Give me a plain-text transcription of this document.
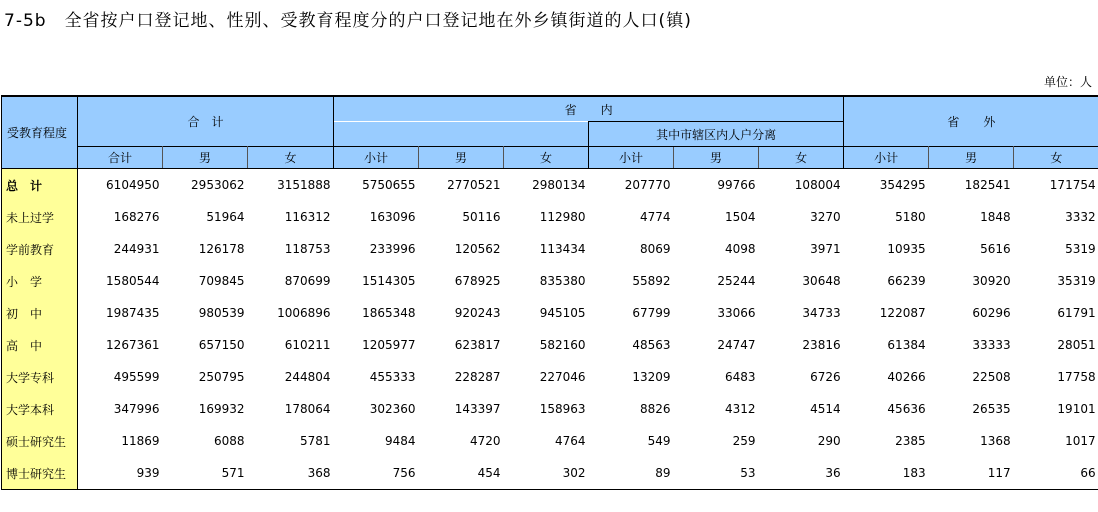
7-5b 全省按户口登记地、性别、受教育程度分的户口登记地在外乡镇街道的人口(镇)
单位：人
受教育程度	合　计			省　　内						省　　外		
							其中市辖区内人户分离					
	合计	男	女	小计	男	女	小计	男	女	小计	男	女
总　计	6104950	2953062	3151888	5750655	2770521	2980134	207770	99766	108004	354295	182541	171754
未上过学	168276	51964	116312	163096	50116	112980	4774	1504	3270	5180	1848	3332
学前教育	244931	126178	118753	233996	120562	113434	8069	4098	3971	10935	5616	5319
小　学	1580544	709845	870699	1514305	678925	835380	55892	25244	30648	66239	30920	35319
初　中	1987435	980539	1006896	1865348	920243	945105	67799	33066	34733	122087	60296	61791
高　中	1267361	657150	610211	1205977	623817	582160	48563	24747	23816	61384	33333	28051
大学专科	495599	250795	244804	455333	228287	227046	13209	6483	6726	40266	22508	17758
大学本科	347996	169932	178064	302360	143397	158963	8826	4312	4514	45636	26535	19101
硕士研究生	11869	6088	5781	9484	4720	4764	549	259	290	2385	1368	1017
博士研究生	939	571	368	756	454	302	89	53	36	183	117	66
